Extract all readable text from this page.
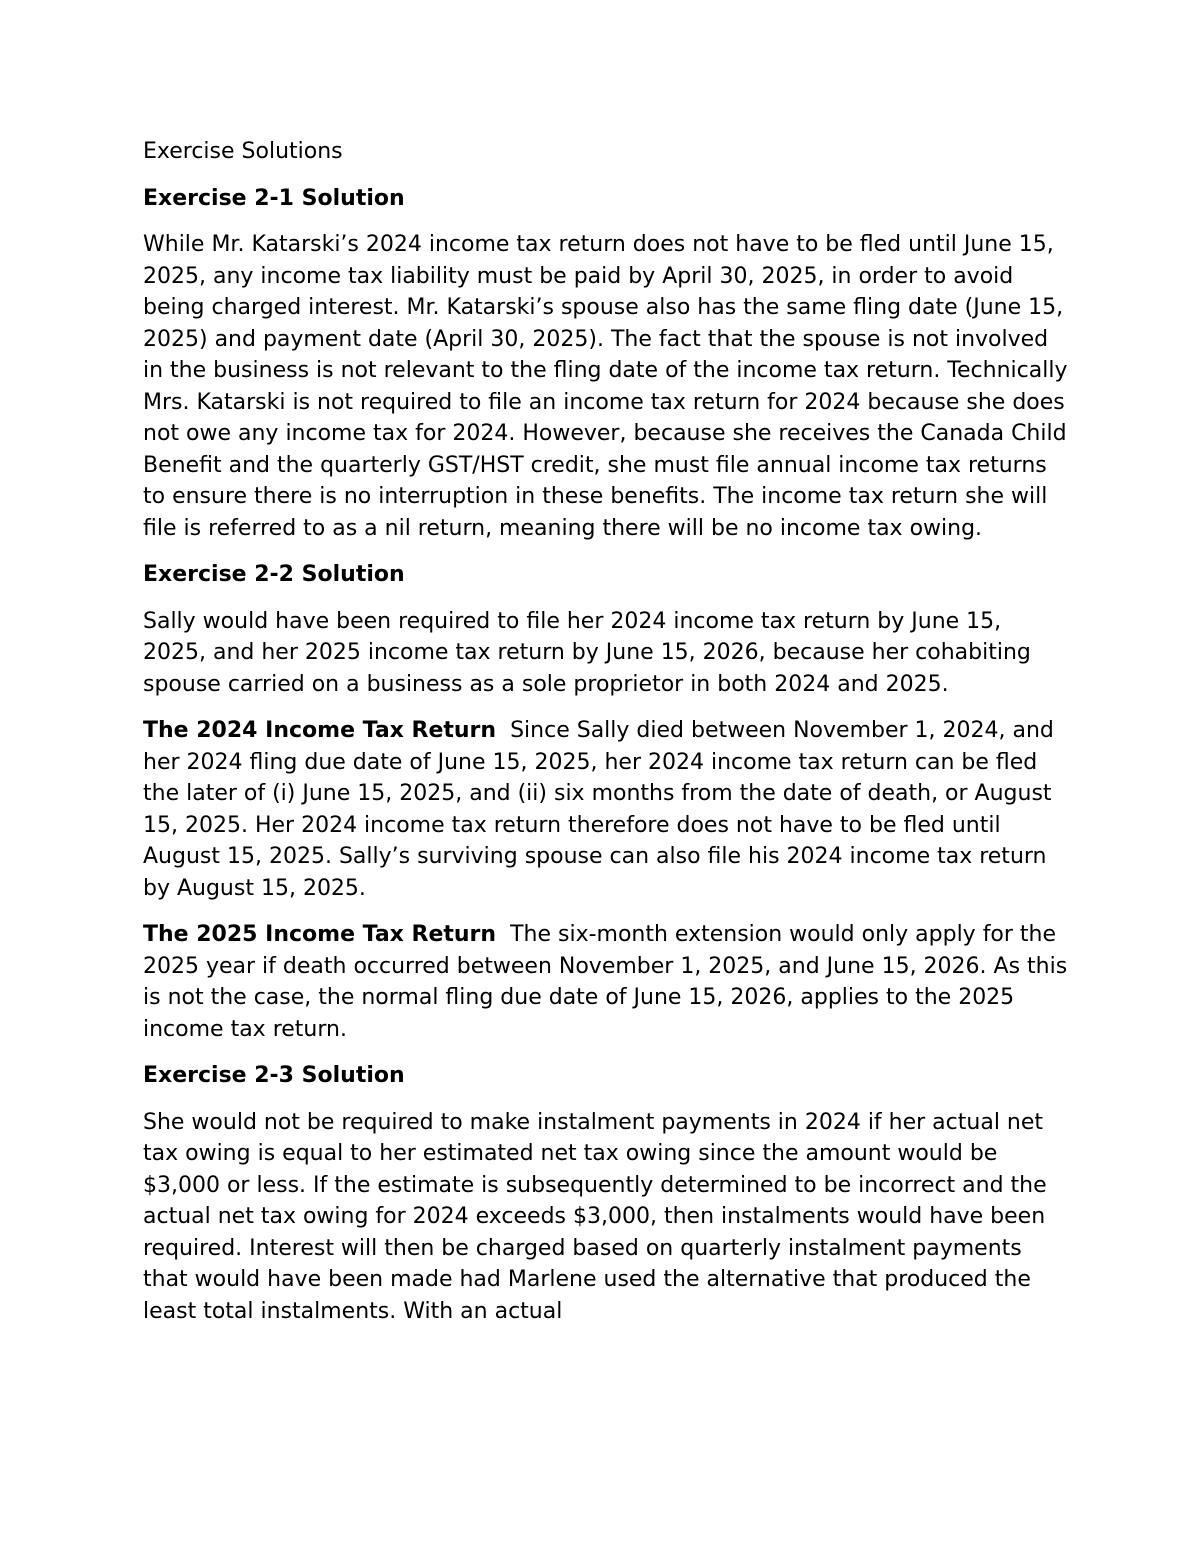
Exercise Solutions

Exercise 2-1 Solution

While Mr. Katarski’s 2024 income tax return does not have to be fled until June 15, 2025, any income tax liability must be paid by April 30, 2025, in order to avoid being charged interest. Mr. Katarski’s spouse also has the same fling date (June 15, 2025) and payment date (April 30, 2025). The fact that the spouse is not involved in the business is not relevant to the fling date of the income tax return. Technically Mrs. Katarski is not required to file an income tax return for 2024 because she does not owe any income tax for 2024. However, because she receives the Canada Child Benefit and the quarterly GST/HST credit, she must file annual income tax returns to ensure there is no interruption in these benefits. The income tax return she will file is referred to as a nil return, meaning there will be no income tax owing.

Exercise 2-2 Solution

Sally would have been required to file her 2024 income tax return by June 15, 2025, and her 2025 income tax return by June 15, 2026, because her cohabiting spouse carried on a business as a sole proprietor in both 2024 and 2025.

The 2024 Income Tax Return Since Sally died between November 1, 2024, and her 2024 fling due date of June 15, 2025, her 2024 income tax return can be fled the later of (i) June 15, 2025, and (ii) six months from the date of death, or August 15, 2025. Her 2024 income tax return therefore does not have to be fled until August 15, 2025. Sally’s surviving spouse can also file his 2024 income tax return by August 15, 2025.

The 2025 Income Tax Return The six-month extension would only apply for the 2025 year if death occurred between November 1, 2025, and June 15, 2026. As this is not the case, the normal fling due date of June 15, 2026, applies to the 2025 income tax return.

Exercise 2-3 Solution

She would not be required to make instalment payments in 2024 if her actual net tax owing is equal to her estimated net tax owing since the amount would be $3,000 or less. If the estimate is subsequently determined to be incorrect and the actual net tax owing for 2024 exceeds $3,000, then instalments would have been required. Interest will then be charged based on quarterly instalment payments that would have been made had Marlene used the alternative that produced the least total instalments. With an actual
